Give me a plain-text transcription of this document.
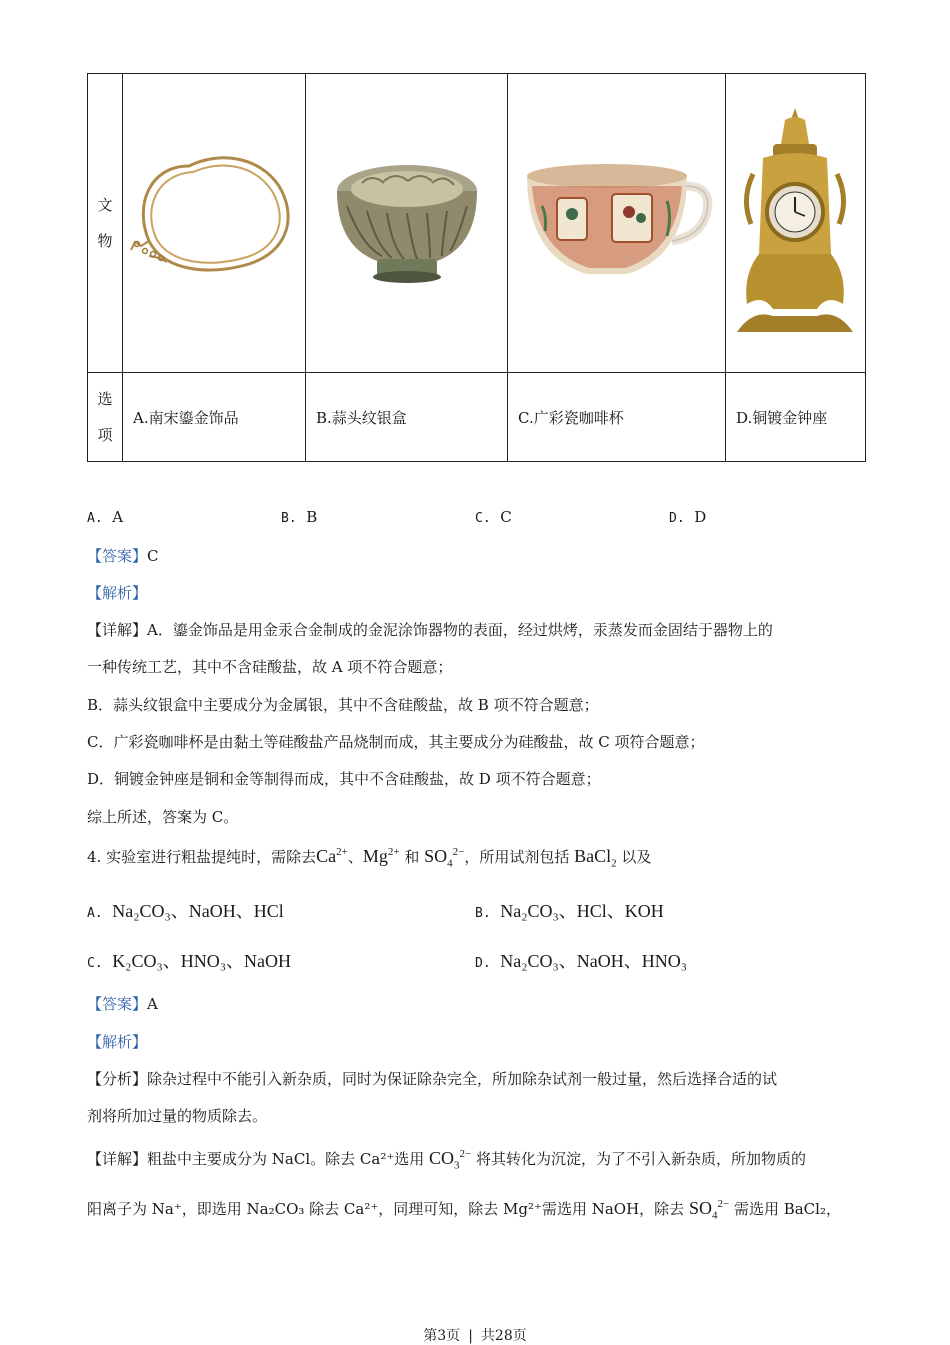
文
物

选
项	A.南宋鎏金饰品	B.蒜头纹银盒	C.广彩瓷咖啡杯	D.铜镀金钟座
A. A	B. B	C. C	D. D
【答案】C
【解析】
【详解】A．鎏金饰品是用金汞合金制成的金泥涂饰器物的表面，经过烘烤，汞蒸发而金固结于器物上的
一种传统工艺，其中不含硅酸盐，故 A 项不符合题意；
B．蒜头纹银盒中主要成分为金属银，其中不含硅酸盐，故 B 项不符合题意；
C．广彩瓷咖啡杯是由黏土等硅酸盐产品烧制而成，其主要成分为硅酸盐，故 C 项符合题意；
D．铜镀金钟座是铜和金等制得而成，其中不含硅酸盐，故 D 项不符合题意；
综上所述，答案为 C。
4. 实验室进行粗盐提纯时，需除去$Ca^{2+}$、$Mg^{2+}$ 和 $SO_4^{2-}$，所用试剂包括 BaCl$_2$ 以及
A. Na₂CO₃、NaOH、HCl	B. Na₂CO₃、HCl、KOH
C. K₂CO₃、HNO₃、NaOH	D. Na₂CO₃、NaOH、HNO₃
【答案】A
【解析】
【分析】除杂过程中不能引入新杂质，同时为保证除杂完全，所加除杂试剂一般过量，然后选择合适的试
剂将所加过量的物质除去。
【详解】粗盐中主要成分为 NaCl。除去 Ca²⁺选用 $CO_3^{2-}$ 将其转化为沉淀，为了不引入新杂质，所加物质的
阳离子为 Na⁺，即选用 Na₂CO₃ 除去 Ca²⁺，同理可知，除去 Mg²⁺需选用 NaOH，除去 $SO_4^{2-}$ 需选用 BaCl₂，
第3页 | 共28页
